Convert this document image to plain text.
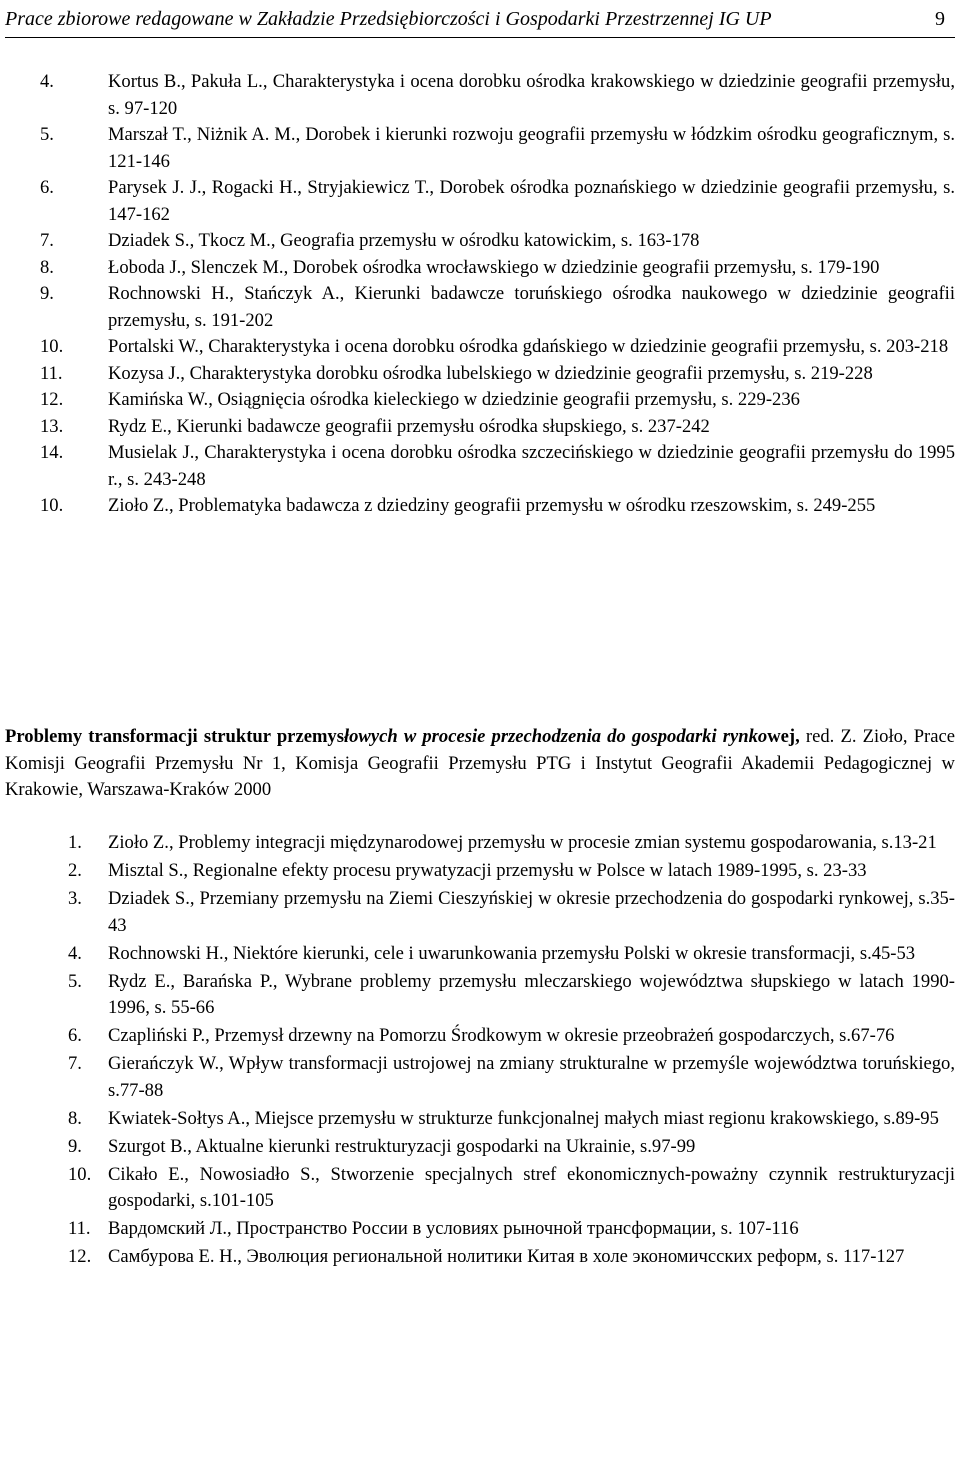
Prace zbiorowe redagowane w Zakładzie Przedsiębiorczości i Gospodarki Przestrzennej IG UP	9
4.	Kortus B., Pakuła L., Charakterystyka i ocena dorobku ośrodka krakowskiego w dziedzinie geografii przemysłu, s. 97-120
5.	Marszał T., Niżnik A. M., Dorobek i kierunki rozwoju geografii przemysłu w łódzkim ośrodku geograficznym, s. 121-146
6.	Parysek J. J., Rogacki H., Stryjakiewicz T., Dorobek ośrodka poznańskiego w dziedzinie geografii przemysłu, s. 147-162
7.	Dziadek S., Tkocz M., Geografia przemysłu w ośrodku katowickim, s. 163-178
8.	Łoboda J., Slenczek M., Dorobek ośrodka wrocławskiego w dziedzinie geografii przemysłu, s. 179-190
9.	Rochnowski H., Stańczyk A., Kierunki badawcze toruńskiego ośrodka naukowego w dziedzinie geografii przemysłu, s. 191-202
10.	Portalski W., Charakterystyka i ocena dorobku ośrodka gdańskiego w dziedzinie geografii przemysłu, s. 203-218
11.	Kozysa J., Charakterystyka dorobku ośrodka lubelskiego w dziedzinie geografii przemysłu, s. 219-228
12.	Kamińska W., Osiągnięcia ośrodka kieleckiego w dziedzinie geografii przemysłu, s. 229-236
13.	Rydz E., Kierunki badawcze geografii przemysłu ośrodka słupskiego, s. 237-242
14.	Musielak J., Charakterystyka i ocena dorobku ośrodka szczecińskiego w dziedzinie geografii przemysłu do 1995 r., s. 243-248
10.	Zioło Z., Problematyka badawcza z dziedziny geografii przemysłu w ośrodku rzeszowskim, s. 249-255
Problemy transformacji struktur przemysłowych w procesie przechodzenia do gospodarki rynkowej, red. Z. Zioło, Prace Komisji Geografii Przemysłu Nr 1, Komisja Geografii Przemysłu PTG i Instytut Geografii Akademii Pedagogicznej w Krakowie, Warszawa-Kraków 2000
1.	Zioło Z., Problemy integracji międzynarodowej przemysłu w procesie zmian systemu gospodarowania, s.13-21
2.	Misztal S., Regionalne efekty procesu prywatyzacji przemysłu w Polsce w latach 1989-1995, s. 23-33
3.	Dziadek S., Przemiany przemysłu na Ziemi Cieszyńskiej w okresie przechodzenia do gospodarki rynkowej, s.35-43
4.	Rochnowski H., Niektóre kierunki, cele i uwarunkowania przemysłu Polski w okresie transformacji, s.45-53
5.	Rydz E., Barańska P., Wybrane problemy przemysłu mleczarskiego województwa słupskiego w latach 1990-1996, s. 55-66
6.	Czapliński P., Przemysł drzewny na Pomorzu Środkowym w okresie przeobrażeń gospodarczych, s.67-76
7.	Gierańczyk W., Wpływ transformacji ustrojowej na zmiany strukturalne w przemyśle województwa toruńskiego, s.77-88
8.	Kwiatek-Sołtys A., Miejsce przemysłu w strukturze funkcjonalnej małych miast regionu krakowskiego, s.89-95
9.	Szurgot B., Aktualne kierunki restrukturyzacji gospodarki na Ukrainie, s.97-99
10. Cikało E., Nowosiadło S., Stworzenie specjalnych stref ekonomicznych-poważny czynnik restrukturyzacji gospodarki, s.101-105
11. Вардомский Л., Пространство России в условиях рыночной трансформации, s. 107-116
12. Самбурова Е. Н., Эволюция региональной нолитики Китая в холе экономичсских реформ, s. 117-127
